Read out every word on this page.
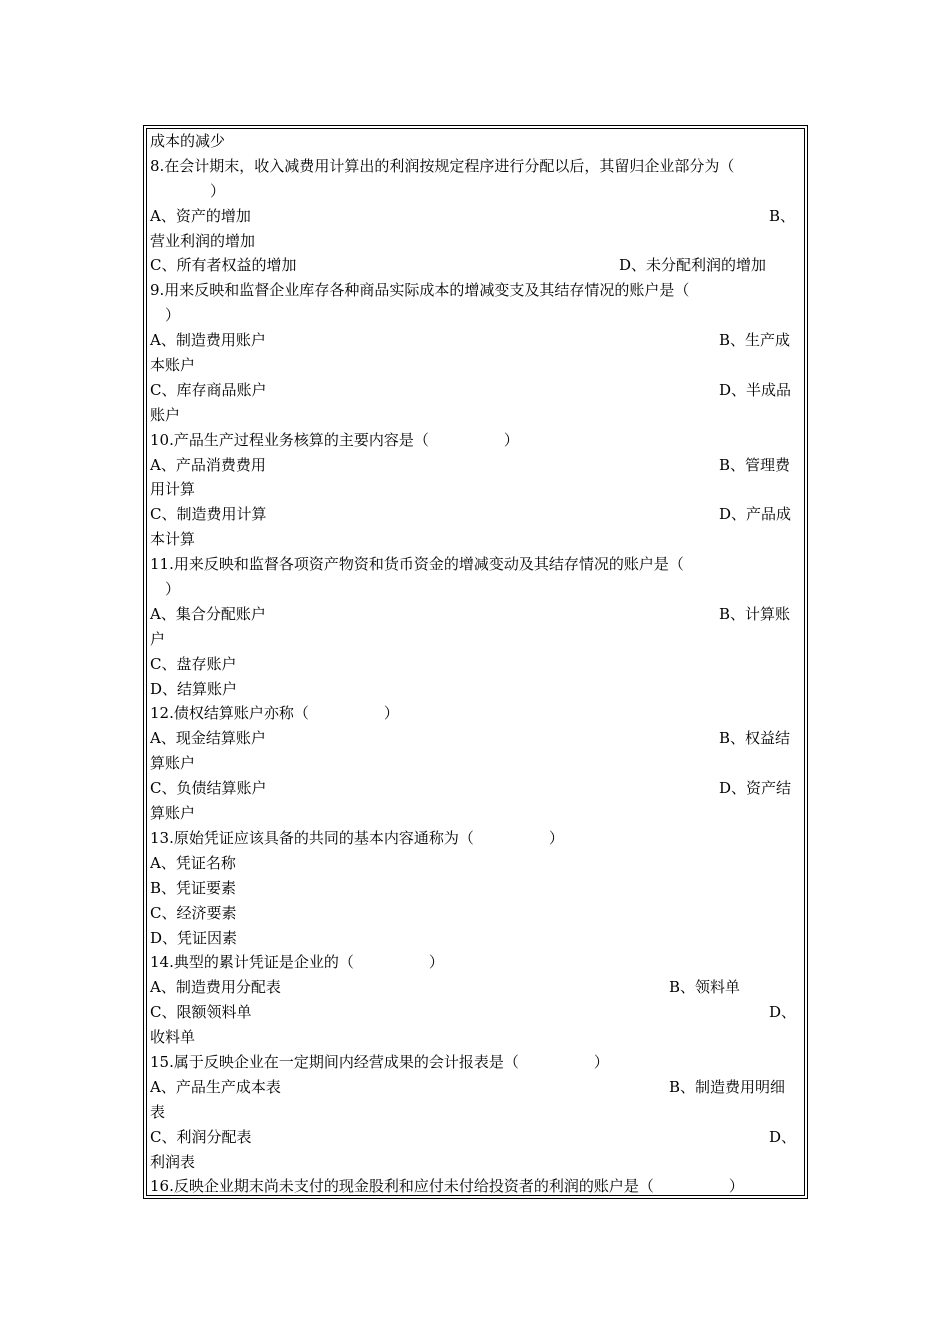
成本的减少
8.在会计期末，收入减费用计算出的利润按规定程序进行分配以后，其留归企业部分为（
　　　　）
A、资产的增加	B、
营业利润的增加
C、所有者权益的增加	D、未分配利润的增加
9.用来反映和监督企业库存各种商品实际成本的增减变支及其结存情况的账户是（
　）
A、制造费用账户	B、生产成
本账户
C、库存商品账户	D、半成品
账户
10.产品生产过程业务核算的主要内容是（　　　　　）
A、产品消费费用	B、管理费
用计算
C、制造费用计算	D、产品成
本计算
11.用来反映和监督各项资产物资和货币资金的增减变动及其结存情况的账户是（
　）
A、集合分配账户	B、计算账
户
C、盘存账户
D、结算账户
12.债权结算账户亦称（　　　　　）
A、现金结算账户	B、权益结
算账户
C、负债结算账户	D、资产结
算账户
13.原始凭证应该具备的共同的基本内容通称为（　　　　　）
A、凭证名称
B、凭证要素
C、经济要素
D、凭证因素
14.典型的累计凭证是企业的（　　　　　）
A、制造费用分配表	B、领料单
C、限额领料单	D、
收料单
15.属于反映企业在一定期间内经营成果的会计报表是（　　　　　）
A、产品生产成本表	B、制造费用明细
表
C、利润分配表	D、
利润表
16.反映企业期末尚未支付的现金股利和应付未付给投资者的利润的账户是（　　　　　）
